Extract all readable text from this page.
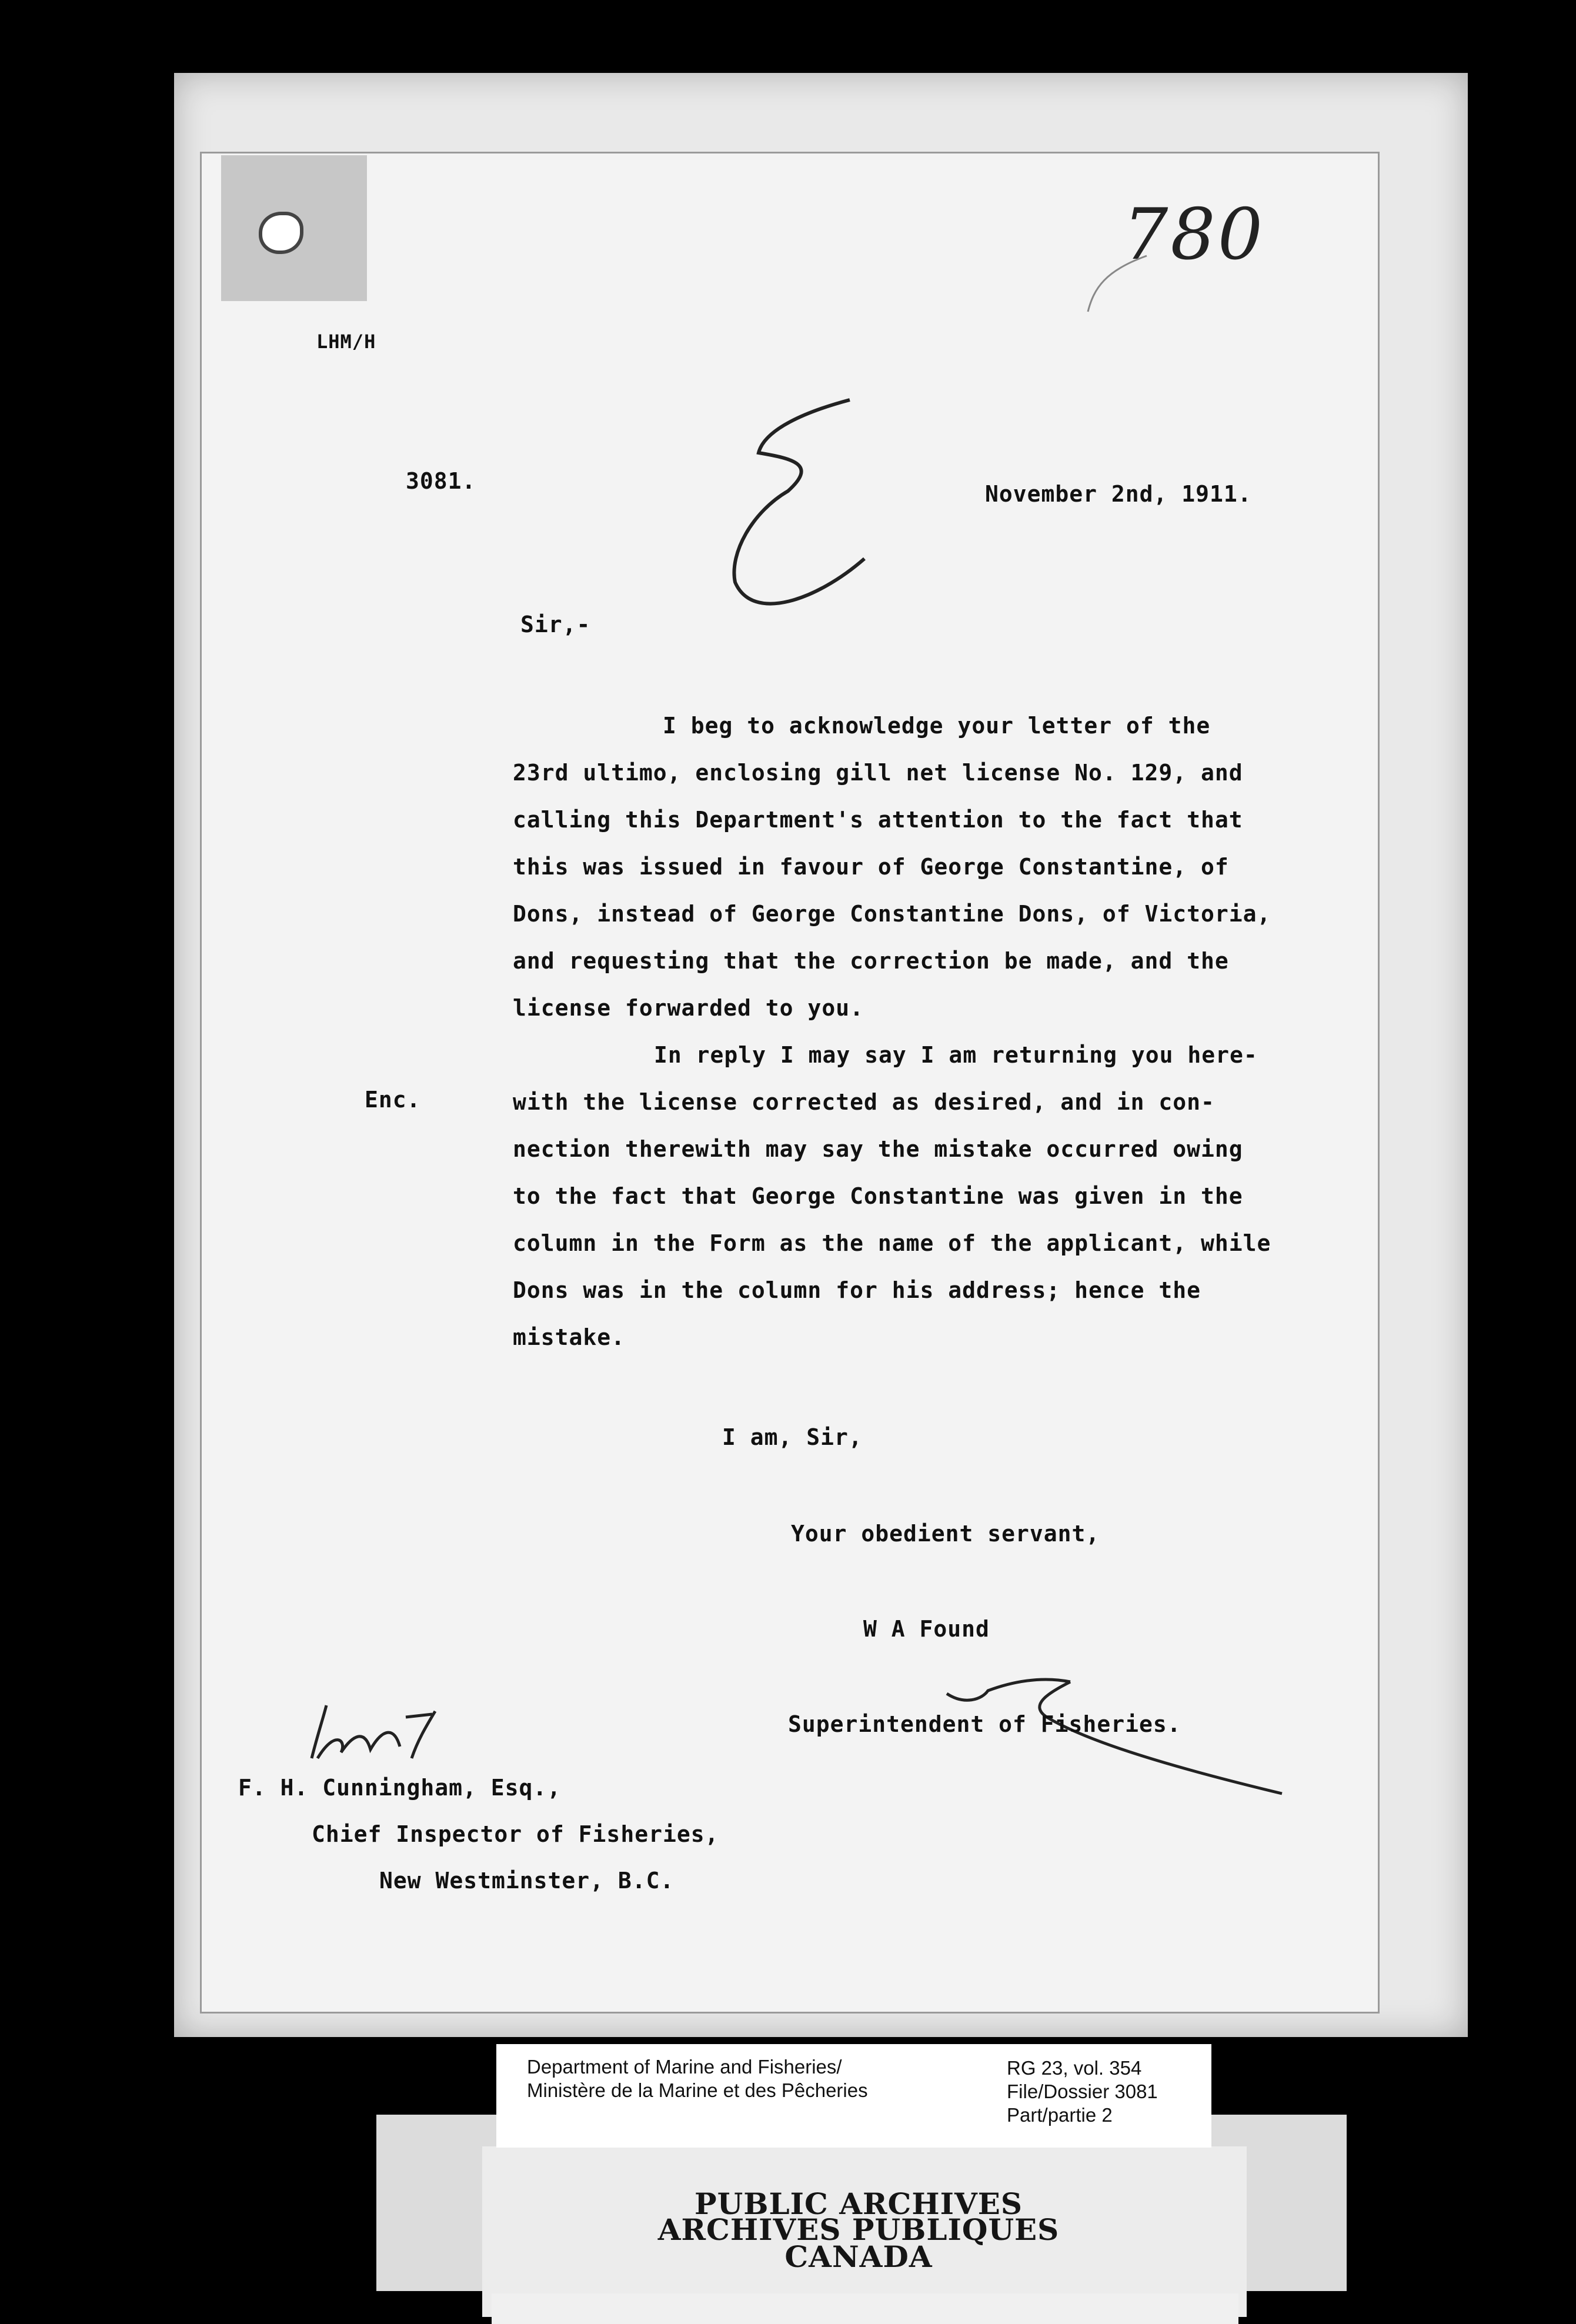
780
LHM/H
3081.	November 2nd, 1911.
Sir,-
I beg to acknowledge your letter of the
23rd ultimo, enclosing gill net license No. 129, and
calling this Department's attention to the fact that
this was issued in favour of George Constantine, of
Dons, instead of George Constantine Dons, of Victoria,
and requesting that the correction be made, and the
license forwarded to you.
In reply I may say I am returning you here-
with the license corrected as desired, and in con-
nection therewith may say the mistake occurred owing
to the fact that George Constantine was given in the
column in the Form as the name of the applicant, while
Dons was in the column for his address; hence the
mistake.
Enc.
I am, Sir,
Your obedient servant,
W A Found
Superintendent of Fisheries.
F. H. Cunningham, Esq.,
Chief Inspector of Fisheries,
New Westminster, B.C.
Department of Marine and Fisheries/
Ministère de la Marine et des Pêcheries
RG 23, vol. 354
File/Dossier 3081
Part/partie 2
PUBLIC ARCHIVES
ARCHIVES PUBLIQUES
CANADA
